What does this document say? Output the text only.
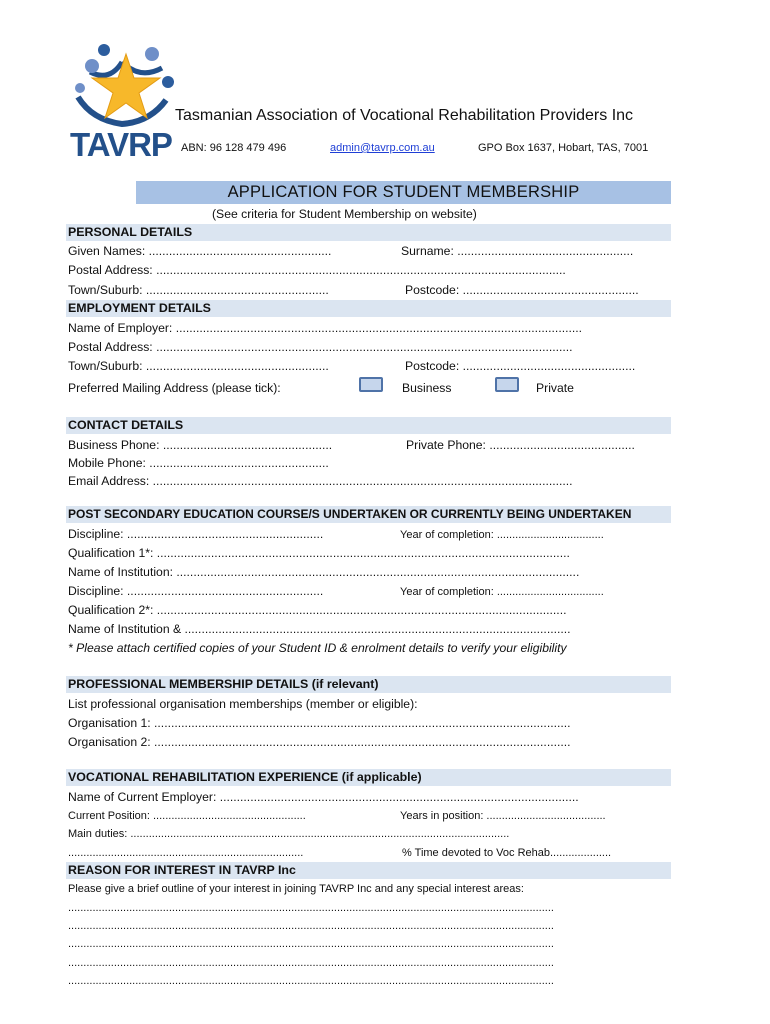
TAVRP
Tasmanian Association of Vocational Rehabilitation Providers Inc
ABN: 96 128 479 496	admin@tavrp.com.au	GPO Box 1637, Hobart, TAS, 7001
APPLICATION FOR STUDENT MEMBERSHIP
(See criteria for Student Membership on website)
PERSONAL DETAILS
Given Names: ......................................................	Surname: ....................................................
Postal Address: .........................................................................................................................
Town/Suburb: ......................................................	Postcode: ....................................................
EMPLOYMENT DETAILS
Name of Employer: ........................................................................................................................
Postal Address: ...........................................................................................................................
Town/Suburb: ......................................................	Postcode: ...................................................
Preferred Mailing Address (please tick):	Business	Private
CONTACT DETAILS
Business Phone: ..................................................	Private Phone: ...........................................
Mobile Phone: .....................................................
Email Address: ............................................................................................................................
POST SECONDARY EDUCATION COURSE/S UNDERTAKEN OR CURRENTLY BEING UNDERTAKEN
Discipline: ..........................................................	Year of completion: ...................................
Qualification 1*: ..........................................................................................................................
Name of Institution: .......................................................................................................................
Discipline: ..........................................................	Year of completion: ...................................
Qualification 2*: .........................................................................................................................
Name of Institution & ..................................................................................................................
* Please attach certified copies of your Student ID & enrolment details to verify your eligibility
PROFESSIONAL MEMBERSHIP DETAILS (if relevant)
List professional organisation memberships (member or eligible):
Organisation 1: ...........................................................................................................................
Organisation 2: ...........................................................................................................................
VOCATIONAL REHABILITATION EXPERIENCE (if applicable)
Name of Current Employer: ..........................................................................................................
Current Position: ..................................................	Years in position: .......................................
Main duties: ............................................................................................................................
.............................................................................	% Time devoted to Voc Rehab....................
REASON FOR INTEREST IN TAVRP Inc
Please give a brief outline of your interest in joining TAVRP Inc and any special interest areas:
...............................................................................................................................................................
...............................................................................................................................................................
...............................................................................................................................................................
...............................................................................................................................................................
...............................................................................................................................................................
